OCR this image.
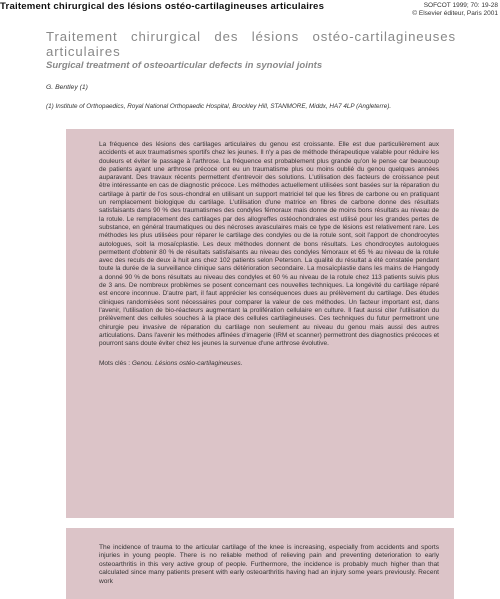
Traitement chirurgical des lésions ostéo-cartilagineuses articulaires	SOFCOT 1999; 70: 19-28
© Elsevier éditeur, Paris 2001
Traitement chirurgical des lésions ostéo-cartilagineuses articulaires
Surgical treatment of osteoarticular defects in synovial joints
G. Bentley (1)
(1) Institute of Orthopaedics, Royal National Orthopaedic Hospital, Brockley Hill, STANMORE, Middx, HA7 4LP (Angleterre).

La fréquence des lésions des cartilages articulaires du genou est croissante. Elle est due particulièrement aux accidents et aux traumatismes sportifs chez les jeunes. Il n'y a pas de méthode thérapeutique valable pour réduire les douleurs et éviter le passage à l'arthrose. La fréquence est probablement plus grande qu'on le pense car beaucoup de patients ayant une arthrose précoce ont eu un traumatisme plus ou moins oublié du genou quelques années auparavant. Des travaux récents permettent d'entrevoir des solutions. L'utilisation des facteurs de croissance peut être intéressante en cas de diagnostic précoce. Les méthodes actuellement utilisées sont basées sur la réparation du cartilage à partir de l'os sous-chondral en utilisant un support matriciel tel que les fibres de carbone ou en pratiquant un remplacement biologique du cartilage. L'utilisation d'une matrice en fibres de carbone donne des résultats satisfaisants dans 90 % des traumatismes des condyles fémoraux mais donne de moins bons résultats au niveau de la rotule. Le remplacement des cartilages par des allogreffes ostéochondrales est utilisé pour les grandes pertes de substance, en général traumatiques ou des nécroses avasculaires mais ce type de lésions est relativement rare. Les méthodes les plus utilisées pour réparer le cartilage des condyles ou de la rotule sont, soit l'apport de chondrocytes autologues, soit la mosaïcplastie. Les deux méthodes donnent de bons résultats. Les chondrocytes autologues permettent d'obtenir 80 % de résultats satisfaisants au niveau des condyles fémoraux et 65 % au niveau de la rotule avec des reculs de deux à huit ans chez 102 patients selon Peterson. La qualité du résultat a été constatée pendant toute la durée de la surveillance clinique sans détérioration secondaire. La mosaïcplastie dans les mains de Hangody a donné 90 % de bons résultats au niveau des condyles et 60 % au niveau de la rotule chez 113 patients suivis plus de 3 ans. De nombreux problèmes se posent concernant ces nouvelles techniques. La longévité du cartilage réparé est encore inconnue. D'autre part, il faut apprécier les conséquences dues au prélèvement du cartilage. Des études cliniques randomisées sont nécessaires pour comparer la valeur de ces méthodes. Un facteur important est, dans l'avenir, l'utilisation de bio-réacteurs augmentant la prolifération cellulaire en culture. Il faut aussi citer l'utilisation du prélèvement des cellules souches à la place des cellules cartilagineuses. Ces techniques du futur permettront une chirurgie peu invasive de réparation du cartilage non seulement au niveau du genou mais aussi des autres articulations. Dans l'avenir les méthodes affinées d'imagerie (IRM et scanner) permettront des diagnostics précoces et pourront sans doute éviter chez les jeunes la survenue d'une arthrose évolutive.

Mots clés : Genou. Lésions ostéo-cartilagineuses.

The incidence of trauma to the articular cartilage of the knee is increasing, especially from accidents and sports injuries in young people. There is no reliable method of relieving pain and preventing deterioration to early osteoarthritis in this very active group of people. Furthermore, the incidence is probably much higher than that calculated since many patients present with early osteoarthritis having had an injury some years previously. Recent work
